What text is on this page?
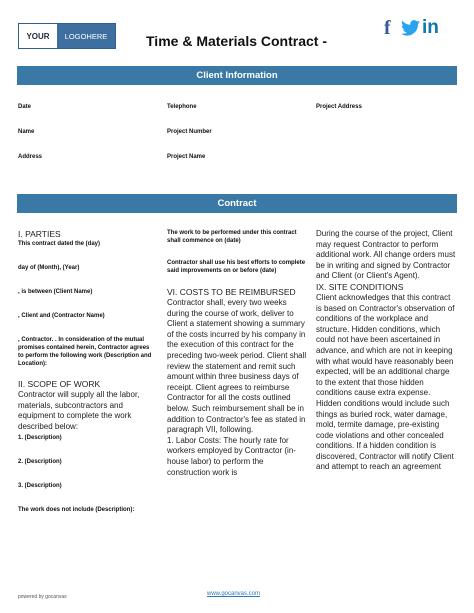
YOUR	LOGO HERE	Time & Materials Contract -
f in
Client Information
Date	Telephone	Project Address
Name	Project Number
Address	Project Name
Contract
I. PARTIES
This contract dated the (day)
day of (Month), (Year)
, is between (Client Name)
, Client and (Contractor Name)
, Contractor. . In consideration of the mutual promises contained herein, Contractor agrees to perform the following work (Description and Location):
II. SCOPE OF WORK
Contractor will supply all the labor, materials, subcontractors and equipment to complete the work described below:
1. (Description)
2. (Description)
3. (Description)
The work does not include (Description):
The work to be performed under this contract shall commence on (date)
Contractor shall use his best efforts to complete said improvements on or before (date)
VI. COSTS TO BE REIMBURSED
Contractor shall, every two weeks during the course of work, deliver to Client a statement showing a summary of the costs incurred by his company in the execution of this contract for the preceding two-week period. Client shall review the statement and remit such amount within three business days of receipt. Client agrees to reimburse Contractor for all the costs outlined below. Such reimbursement shall be in addition to Contractor's fee as stated in paragraph VII, following.
1. Labor Costs: The hourly rate for workers employed by Contractor (in-house labor) to perform the construction work is
During the course of the project, Client may request Contractor to perform additional work. All change orders must be in writing and signed by Contractor and Client (or Client's Agent).
IX. SITE CONDITIONS
Client acknowledges that this contract is based on Contractor's observation of conditions of the workplace and structure. Hidden conditions, which could not have been ascertained in advance, and which are not in keeping with what would have reasonably been expected, will be an additional charge to the extent that those hidden conditions cause extra expense. Hidden conditions would include such things as buried rock, water damage, mold, termite damage, pre-existing code violations and other concealed conditions. If a hidden condition is discovered, Contractor will notify Client and attempt to reach an agreement
powered by gocanvas	www.gocanvas.com
